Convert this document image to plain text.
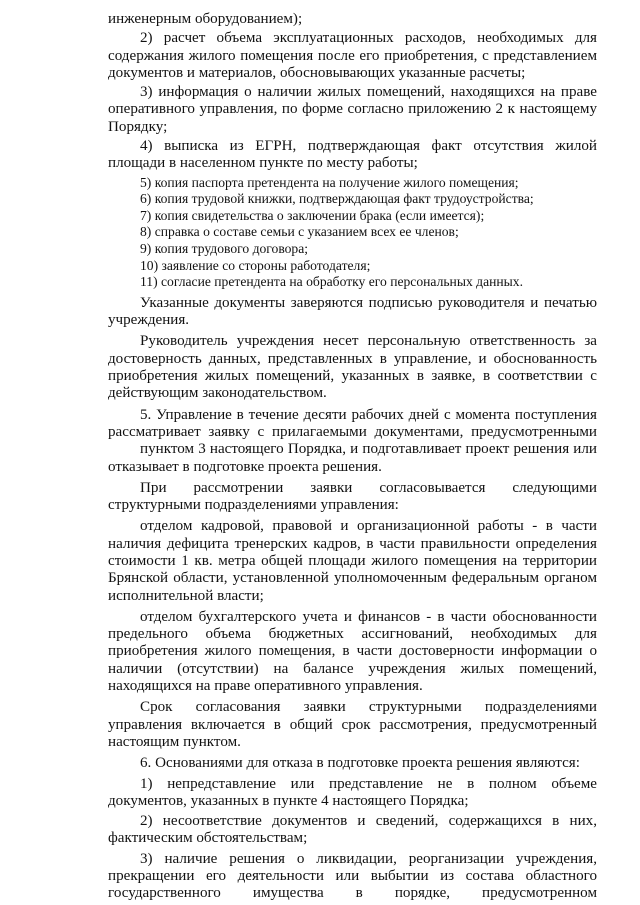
инженерным оборудованием);

2) расчет объема эксплуатационных расходов, необходимых для содержания жилого помещения после его приобретения, с представлением документов и материалов, обосновывающих указанные расчеты;

3) информация о наличии жилых помещений, находящихся на праве оперативного управления, по форме согласно приложению 2 к настоящему Порядку;

4) выписка из ЕГРН, подтверждающая факт отсутствия жилой площади в населенном пункте по месту работы;

5) копия паспорта претендента на получение жилого помещения;

6) копия трудовой книжки, подтверждающая факт трудоустройства;

7) копия свидетельства о заключении брака (если имеется);

8) справка о составе семьи с указанием всех ее членов;

9) копия трудового договора;

10) заявление со стороны работодателя;

11) согласие претендента на обработку его персональных данных.

Указанные документы заверяются подписью руководителя и печатью учреждения.

Руководитель учреждения несет персональную ответственность за достоверность данных, представленных в управление, и обоснованность приобретения жилых помещений, указанных в заявке, в соответствии с действующим законодательством.

5. Управление в течение десяти рабочих дней с момента поступления рассматривает заявку с прилагаемыми документами, предусмотренными

пунктом 3 настоящего Порядка, и подготавливает проект решения или отказывает в подготовке проекта решения.

При рассмотрении заявки согласовывается следующими структурными подразделениями управления:

отделом кадровой, правовой и организационной работы - в части наличия дефицита тренерских кадров, в части правильности определения стоимости 1 кв. метра общей площади жилого помещения на территории Брянской области, установленной уполномоченным федеральным органом исполнительной власти;

отделом бухгалтерского учета и финансов - в части обоснованности предельного объема бюджетных ассигнований, необходимых для приобретения жилого помещения, в части достоверности информации о наличии (отсутствии) на балансе учреждения жилых помещений, находящихся на праве оперативного управления.

Срок согласования заявки структурными подразделениями управления включается в общий срок рассмотрения, предусмотренный настоящим пунктом.

6. Основаниями для отказа в подготовке проекта решения являются:

1) непредставление или представление не в полном объеме документов, указанных в пункте 4 настоящего Порядка;

2) несоответствие документов и сведений, содержащихся в них, фактическим обстоятельствам;

3) наличие решения о ликвидации, реорганизации учреждения, прекращении его деятельности или выбытии из состава областного государственного имущества в порядке, предусмотренном
